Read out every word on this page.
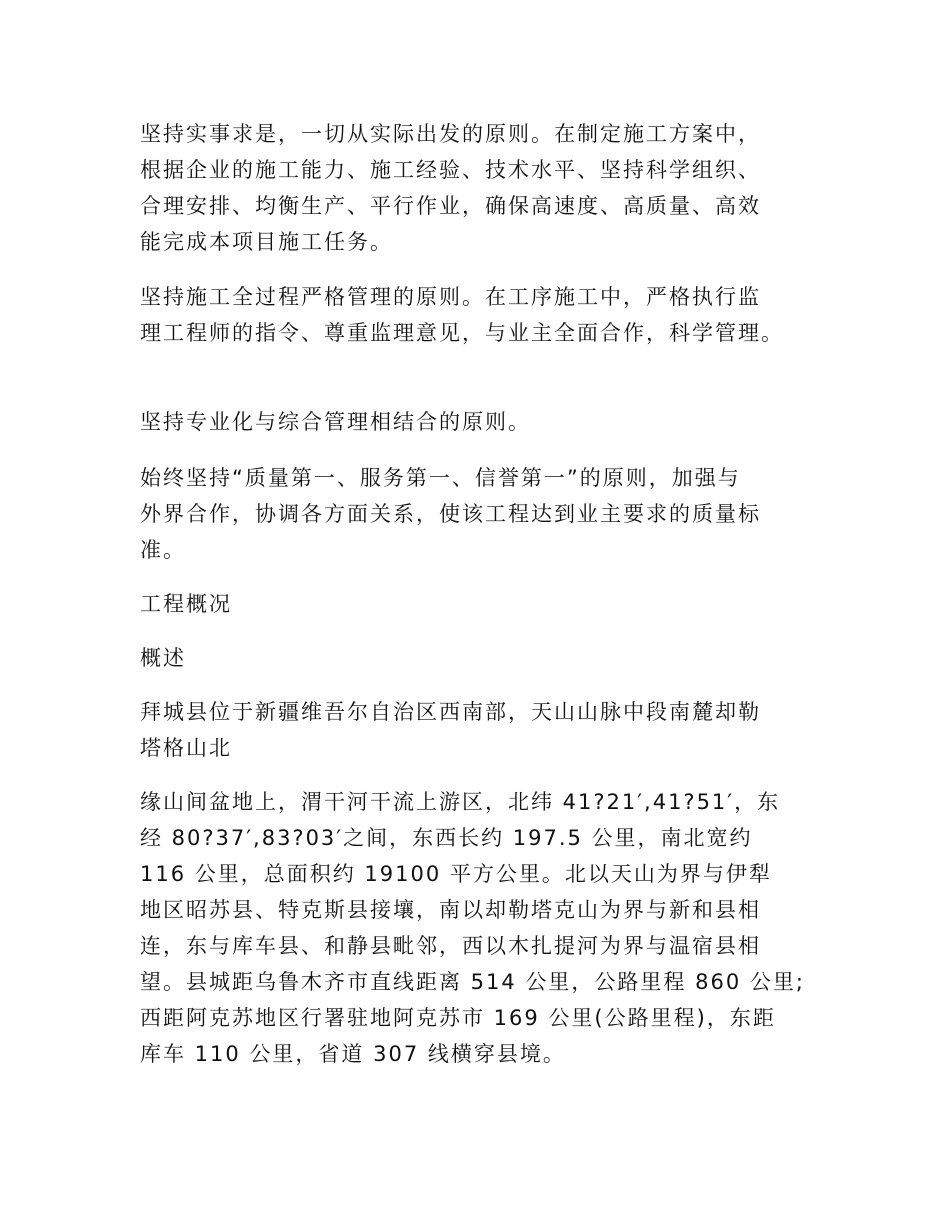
坚持实事求是，一切从实际出发的原则。在制定施工方案中，
根据企业的施工能力、施工经验、技术水平、坚持科学组织、
合理安排、均衡生产、平行作业，确保高速度、高质量、高效
能完成本项目施工任务。
坚持施工全过程严格管理的原则。在工序施工中，严格执行监
理工程师的指令、尊重监理意见，与业主全面合作，科学管理。
坚持专业化与综合管理相结合的原则。
始终坚持“质量第一、服务第一、信誉第一”的原则，加强与
外界合作，协调各方面关系，使该工程达到业主要求的质量标
准。
工程概况
概述
拜城县位于新疆维吾尔自治区西南部，天山山脉中段南麓却勒
塔格山北
缘山间盆地上，渭干河干流上游区，北纬 41?21′,41?51′，东
经 80?37′,83?03′之间，东西长约 197.5 公里，南北宽约
116 公里，总面积约 19100 平方公里。北以天山为界与伊犁
地区昭苏县、特克斯县接壤，南以却勒塔克山为界与新和县相
连，东与库车县、和静县毗邻，西以木扎提河为界与温宿县相
望。县城距乌鲁木齐市直线距离 514 公里，公路里程 860 公里;
西距阿克苏地区行署驻地阿克苏市 169 公里(公路里程)，东距
库车 110 公里，省道 307 线横穿县境。
